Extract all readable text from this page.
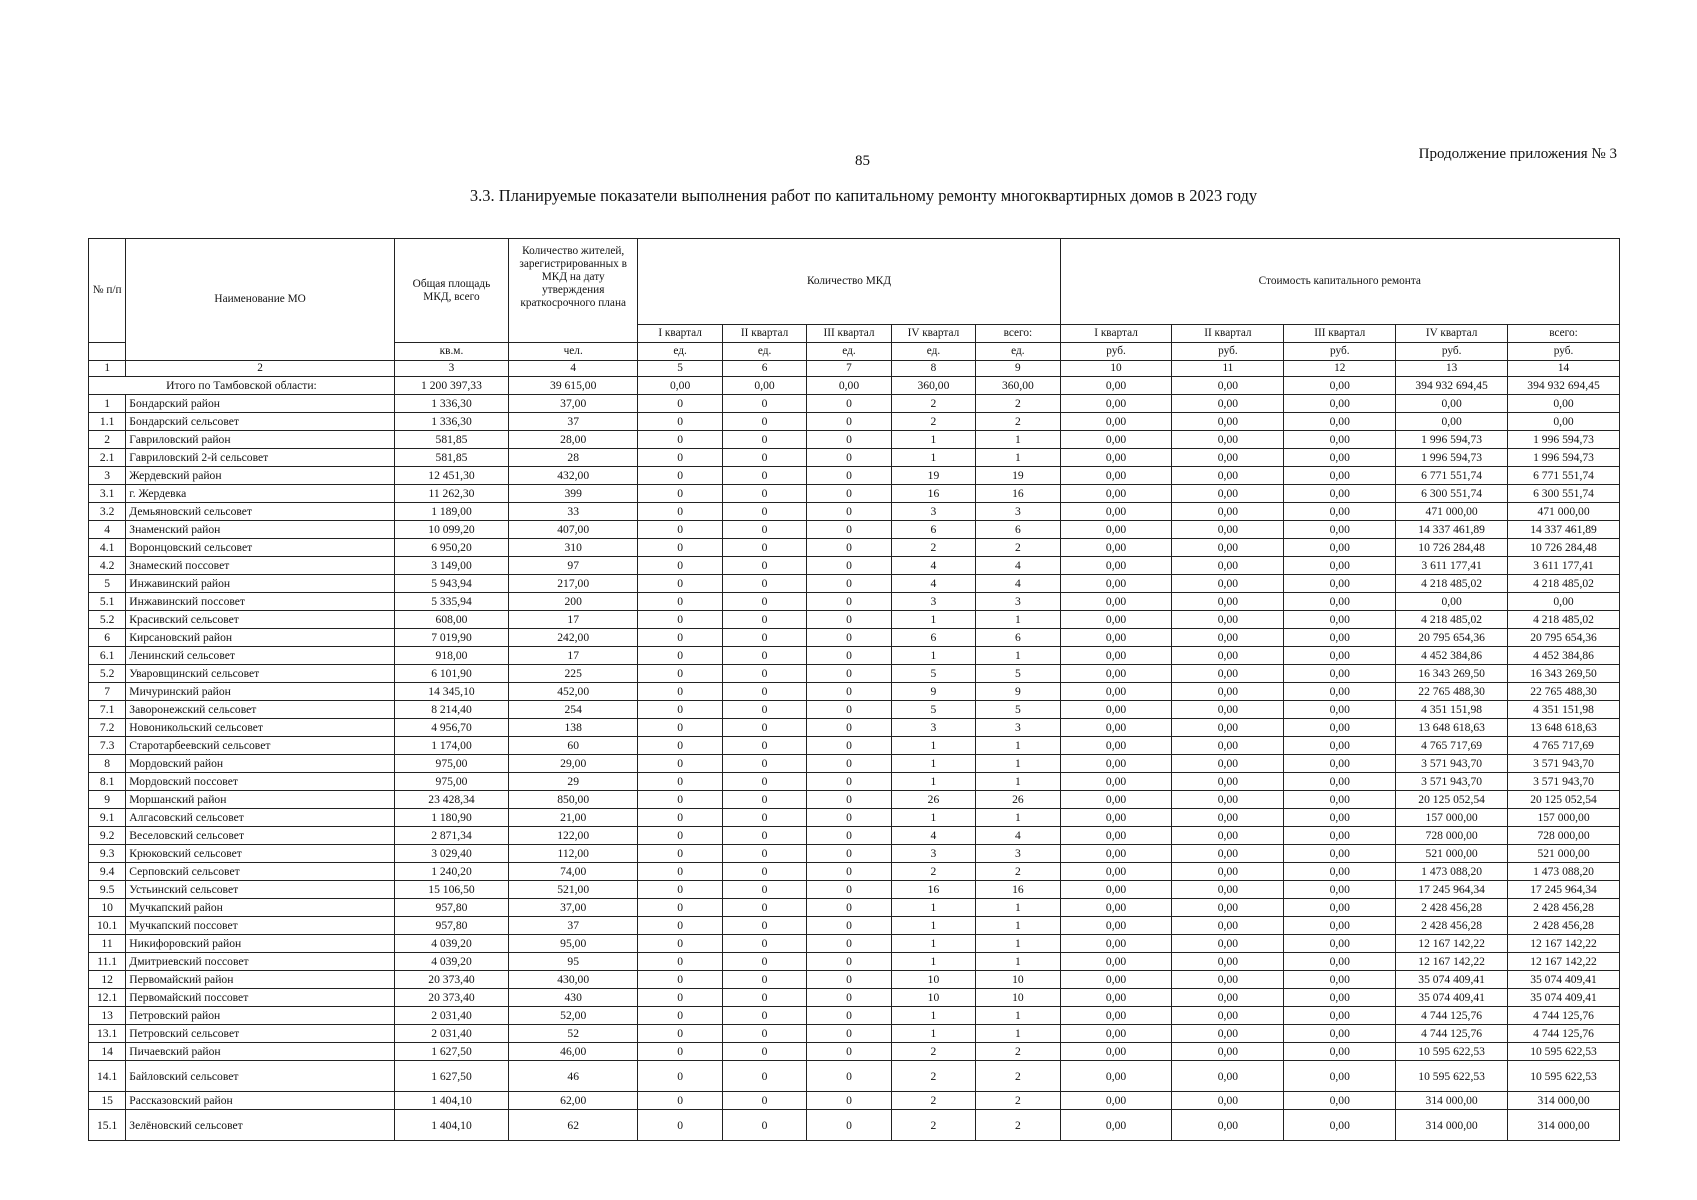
85	Продолжение приложения № 3
3.3. Планируемые показатели выполнения работ по капитальному ремонту многоквартирных домов в 2023 году
№ п/п	Наименование МО	Общая площадь МКД, всего	Количество жителей, зарегистрированных в МКД на дату утверждения краткосрочного плана	Количество МКД					Стоимость капитального ремонта				
				I квартал	II квартал	III квартал	IV квартал	всего:	I квартал	II квартал	III квартал	IV квартал	всего:
		кв.м.	чел.	ед.	ед.	ед.	ед.	ед.	руб.	руб.	руб.	руб.	руб.
1	2	3	4	5	6	7	8	9	10	11	12	13	14
Итого по Тамбовской области:		1 200 397,33	39 615,00	0,00	0,00	0,00	360,00	360,00	0,00	0,00	0,00	394 932 694,45	394 932 694,45
1	Бондарский район	1 336,30	37,00	0	0	0	2	2	0,00	0,00	0,00	0,00	0,00
1.1	Бондарский сельсовет	1 336,30	37	0	0	0	2	2	0,00	0,00	0,00	0,00	0,00
2	Гавриловский район	581,85	28,00	0	0	0	1	1	0,00	0,00	0,00	1 996 594,73	1 996 594,73
2.1	Гавриловский 2-й сельсовет	581,85	28	0	0	0	1	1	0,00	0,00	0,00	1 996 594,73	1 996 594,73
3	Жердевский район	12 451,30	432,00	0	0	0	19	19	0,00	0,00	0,00	6 771 551,74	6 771 551,74
3.1	г. Жердевка	11 262,30	399	0	0	0	16	16	0,00	0,00	0,00	6 300 551,74	6 300 551,74
3.2	Демьяновский сельсовет	1 189,00	33	0	0	0	3	3	0,00	0,00	0,00	471 000,00	471 000,00
4	Знаменский район	10 099,20	407,00	0	0	0	6	6	0,00	0,00	0,00	14 337 461,89	14 337 461,89
4.1	Воронцовский сельсовет	6 950,20	310	0	0	0	2	2	0,00	0,00	0,00	10 726 284,48	10 726 284,48
4.2	Знамеский поссовет	3 149,00	97	0	0	0	4	4	0,00	0,00	0,00	3 611 177,41	3 611 177,41
5	Инжавинский район	5 943,94	217,00	0	0	0	4	4	0,00	0,00	0,00	4 218 485,02	4 218 485,02
5.1	Инжавинский поссовет	5 335,94	200	0	0	0	3	3	0,00	0,00	0,00	0,00	0,00
5.2	Красивский сельсовет	608,00	17	0	0	0	1	1	0,00	0,00	0,00	4 218 485,02	4 218 485,02
6	Кирсановский район	7 019,90	242,00	0	0	0	6	6	0,00	0,00	0,00	20 795 654,36	20 795 654,36
6.1	Ленинский сельсовет	918,00	17	0	0	0	1	1	0,00	0,00	0,00	4 452 384,86	4 452 384,86
5.2	Уваровщинский сельсовет	6 101,90	225	0	0	0	5	5	0,00	0,00	0,00	16 343 269,50	16 343 269,50
7	Мичуринский район	14 345,10	452,00	0	0	0	9	9	0,00	0,00	0,00	22 765 488,30	22 765 488,30
7.1	Заворонежский сельсовет	8 214,40	254	0	0	0	5	5	0,00	0,00	0,00	4 351 151,98	4 351 151,98
7.2	Новоникольский сельсовет	4 956,70	138	0	0	0	3	3	0,00	0,00	0,00	13 648 618,63	13 648 618,63
7.3	Старотарбеевский сельсовет	1 174,00	60	0	0	0	1	1	0,00	0,00	0,00	4 765 717,69	4 765 717,69
8	Мордовский район	975,00	29,00	0	0	0	1	1	0,00	0,00	0,00	3 571 943,70	3 571 943,70
8.1	Мордовский поссовет	975,00	29	0	0	0	1	1	0,00	0,00	0,00	3 571 943,70	3 571 943,70
9	Моршанский район	23 428,34	850,00	0	0	0	26	26	0,00	0,00	0,00	20 125 052,54	20 125 052,54
9.1	Алгасовский сельсовет	1 180,90	21,00	0	0	0	1	1	0,00	0,00	0,00	157 000,00	157 000,00
9.2	Веселовский сельсовет	2 871,34	122,00	0	0	0	4	4	0,00	0,00	0,00	728 000,00	728 000,00
9.3	Крюковский сельсовет	3 029,40	112,00	0	0	0	3	3	0,00	0,00	0,00	521 000,00	521 000,00
9.4	Серповский сельсовет	1 240,20	74,00	0	0	0	2	2	0,00	0,00	0,00	1 473 088,20	1 473 088,20
9.5	Устьинский сельсовет	15 106,50	521,00	0	0	0	16	16	0,00	0,00	0,00	17 245 964,34	17 245 964,34
10	Мучкапский район	957,80	37,00	0	0	0	1	1	0,00	0,00	0,00	2 428 456,28	2 428 456,28
10.1	Мучкапский поссовет	957,80	37	0	0	0	1	1	0,00	0,00	0,00	2 428 456,28	2 428 456,28
11	Никифоровский район	4 039,20	95,00	0	0	0	1	1	0,00	0,00	0,00	12 167 142,22	12 167 142,22
11.1	Дмитриевский поссовет	4 039,20	95	0	0	0	1	1	0,00	0,00	0,00	12 167 142,22	12 167 142,22
12	Первомайский район	20 373,40	430,00	0	0	0	10	10	0,00	0,00	0,00	35 074 409,41	35 074 409,41
12.1	Первомайский поссовет	20 373,40	430	0	0	0	10	10	0,00	0,00	0,00	35 074 409,41	35 074 409,41
13	Петровский район	2 031,40	52,00	0	0	0	1	1	0,00	0,00	0,00	4 744 125,76	4 744 125,76
13.1	Петровский сельсовет	2 031,40	52	0	0	0	1	1	0,00	0,00	0,00	4 744 125,76	4 744 125,76
14	Пичаевский район	1 627,50	46,00	0	0	0	2	2	0,00	0,00	0,00	10 595 622,53	10 595 622,53
14.1	Байловский сельсовет	1 627,50	46	0	0	0	2	2	0,00	0,00	0,00	10 595 622,53	10 595 622,53
15	Рассказовский район	1 404,10	62,00	0	0	0	2	2	0,00	0,00	0,00	314 000,00	314 000,00
15.1	Зелёновский сельсовет	1 404,10	62	0	0	0	2	2	0,00	0,00	0,00	314 000,00	314 000,00
